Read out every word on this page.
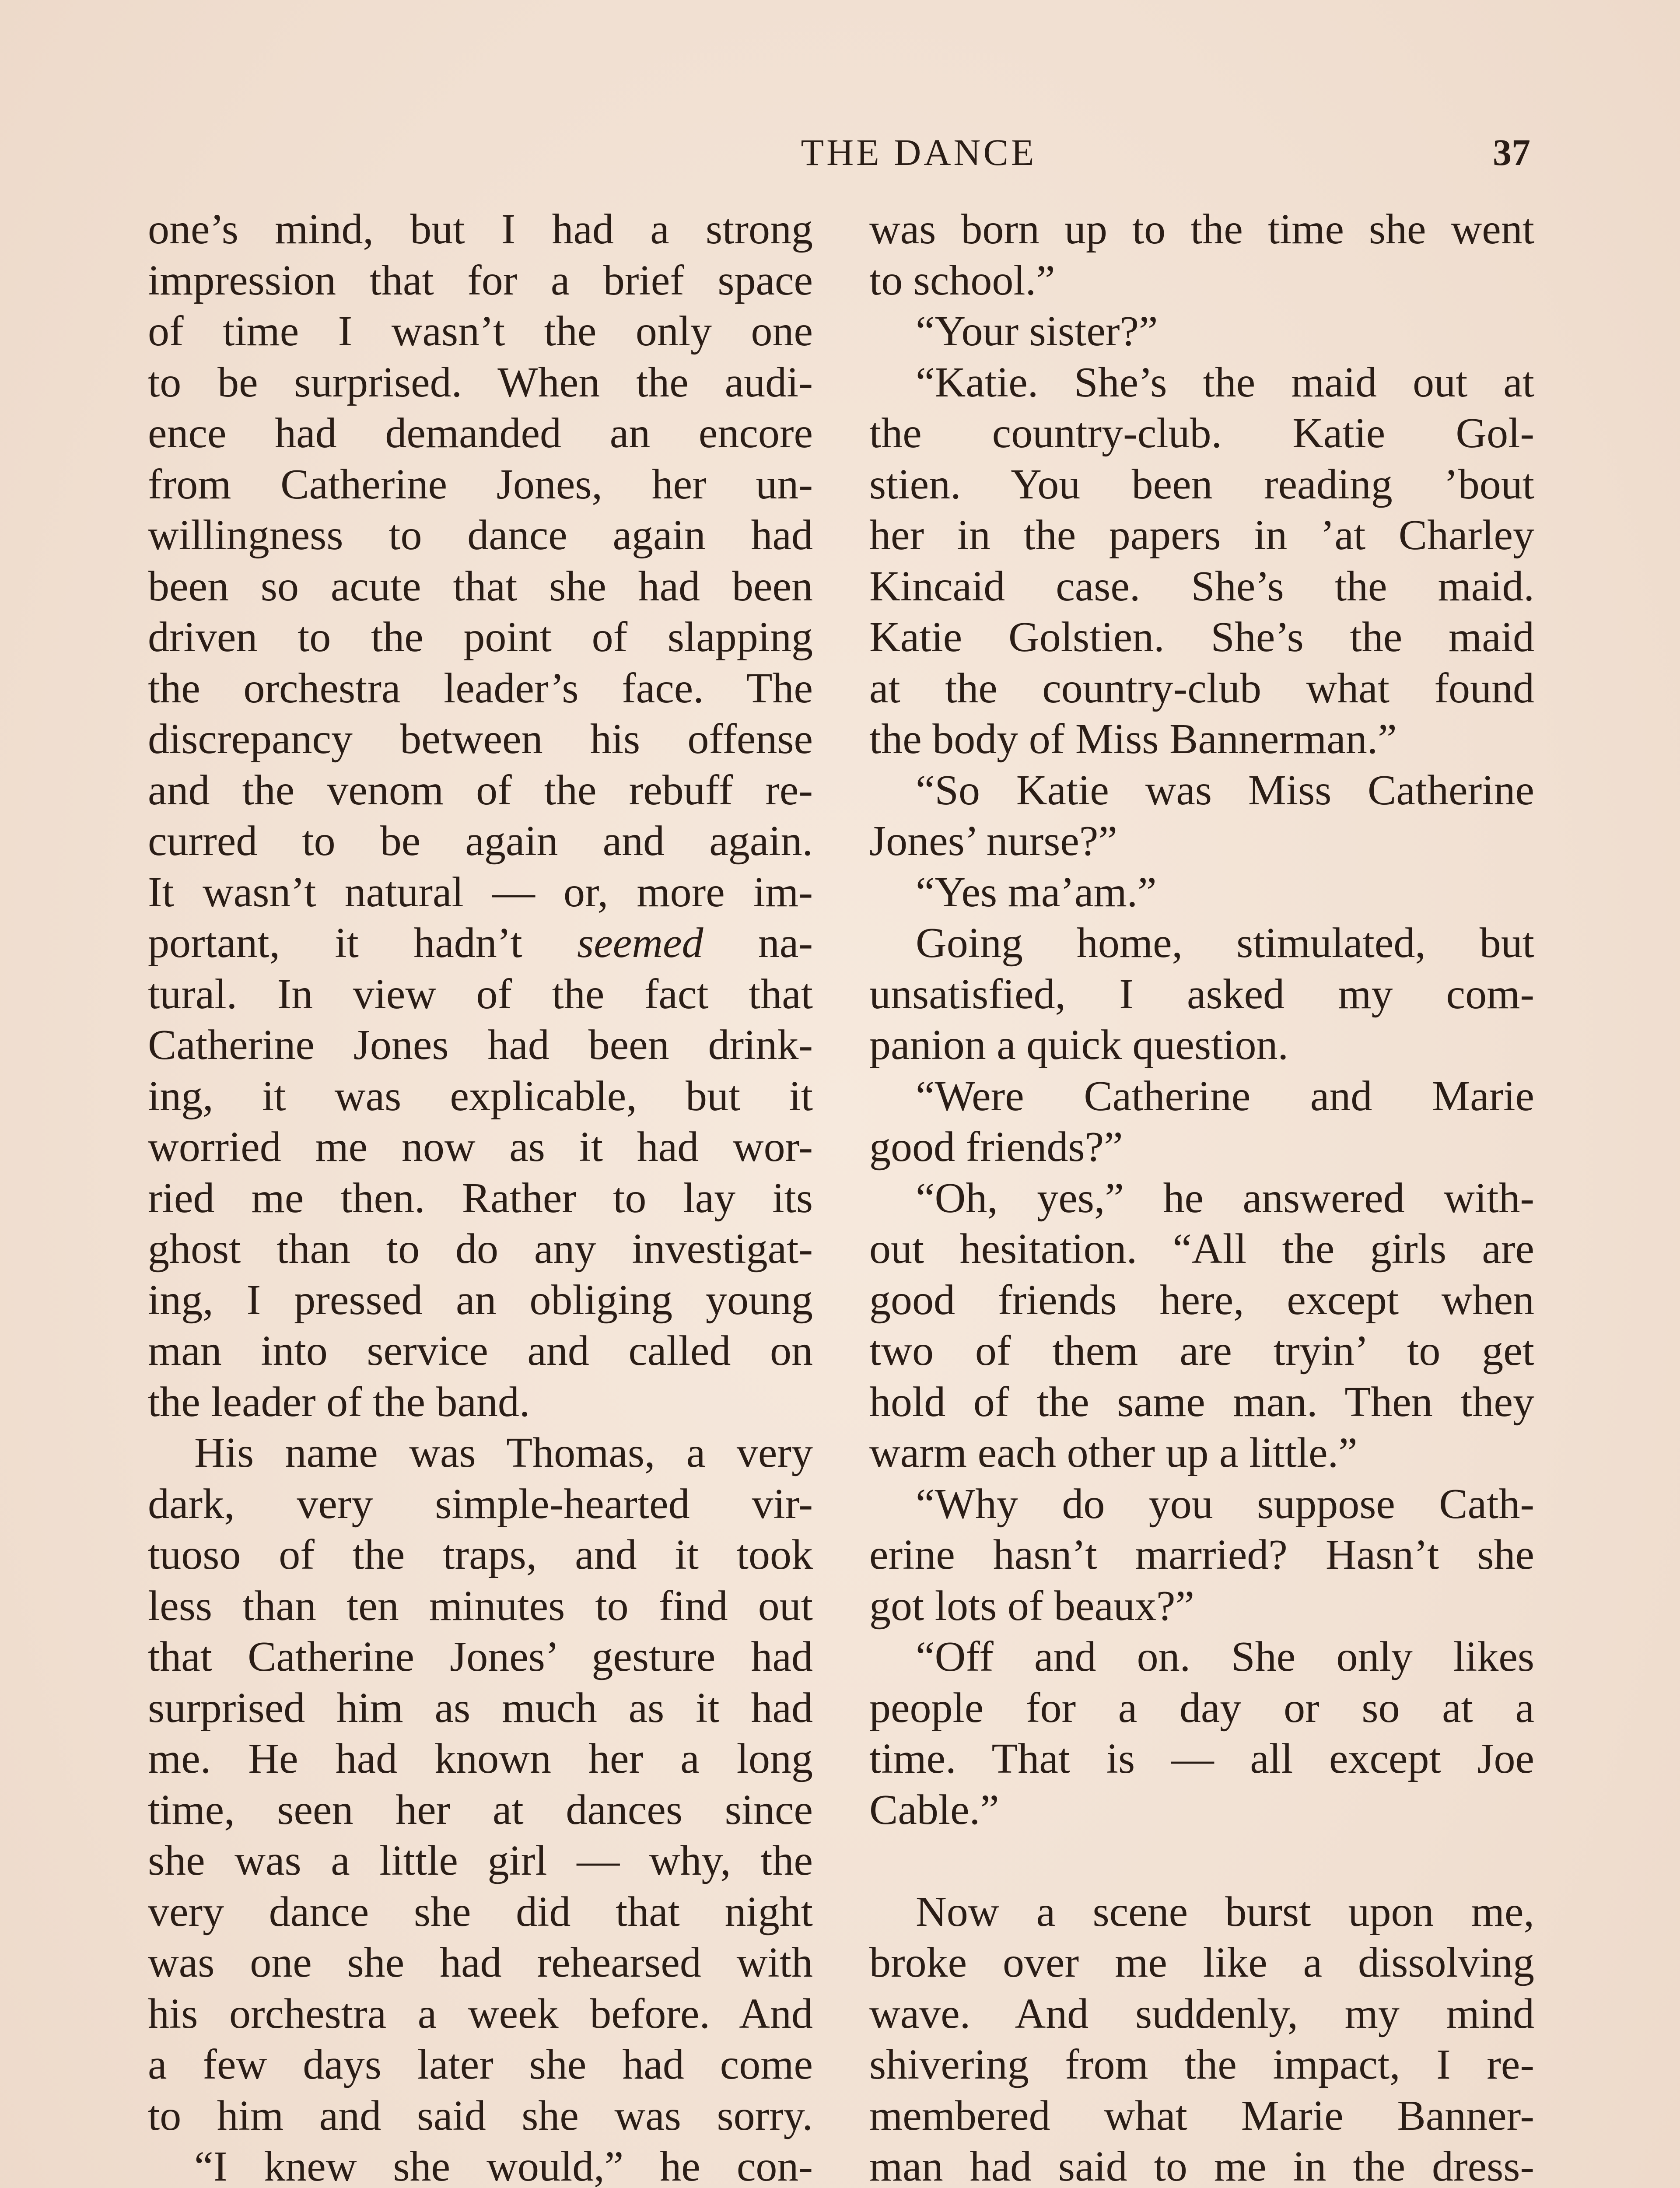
THE DANCE	37
one’s mind, but I had a strong
impression that for a brief space
of time I wasn’t the only one
to be surprised. When the audi-
ence had demanded an encore
from Catherine Jones, her un-
willingness to dance again had
been so acute that she had been
driven to the point of slapping
the orchestra leader’s face. The
discrepancy between his offense
and the venom of the rebuff re-
curred to be again and again.
It wasn’t natural — or, more im-
portant, it hadn’t seemed na-
tural. In view of the fact that
Catherine Jones had been drink-
ing, it was explicable, but it
worried me now as it had wor-
ried me then. Rather to lay its
ghost than to do any investigat-
ing, I pressed an obliging young
man into service and called on
the leader of the band.
His name was Thomas, a very
dark, very simple-hearted vir-
tuoso of the traps, and it took
less than ten minutes to find out
that Catherine Jones’ gesture had
surprised him as much as it had
me. He had known her a long
time, seen her at dances since
she was a little girl — why, the
very dance she did that night
was one she had rehearsed with
his orchestra a week before. And
a few days later she had come
to him and said she was sorry.
“I knew she would,” he con-
was born up to the time she went
to school.”
“Your sister?”
“Katie. She’s the maid out at
the country-club. Katie Gol-
stien. You been reading ’bout
her in the papers in ’at Charley
Kincaid case. She’s the maid.
Katie Golstien. She’s the maid
at the country-club what found
the body of Miss Bannerman.”
“So Katie was Miss Catherine
Jones’ nurse?”
“Yes ma’am.”
Going home, stimulated, but
unsatisfied, I asked my com-
panion a quick question.
“Were Catherine and Marie
good friends?”
“Oh, yes,” he answered with-
out hesitation. “All the girls are
good friends here, except when
two of them are tryin’ to get
hold of the same man. Then they
warm each other up a little.”
“Why do you suppose Cath-
erine hasn’t married? Hasn’t she
got lots of beaux?”
“Off and on. She only likes
people for a day or so at a
time. That is — all except Joe
Cable.”
Now a scene burst upon me,
broke over me like a dissolving
wave. And suddenly, my mind
shivering from the impact, I re-
membered what Marie Banner-
man had said to me in the dress-
